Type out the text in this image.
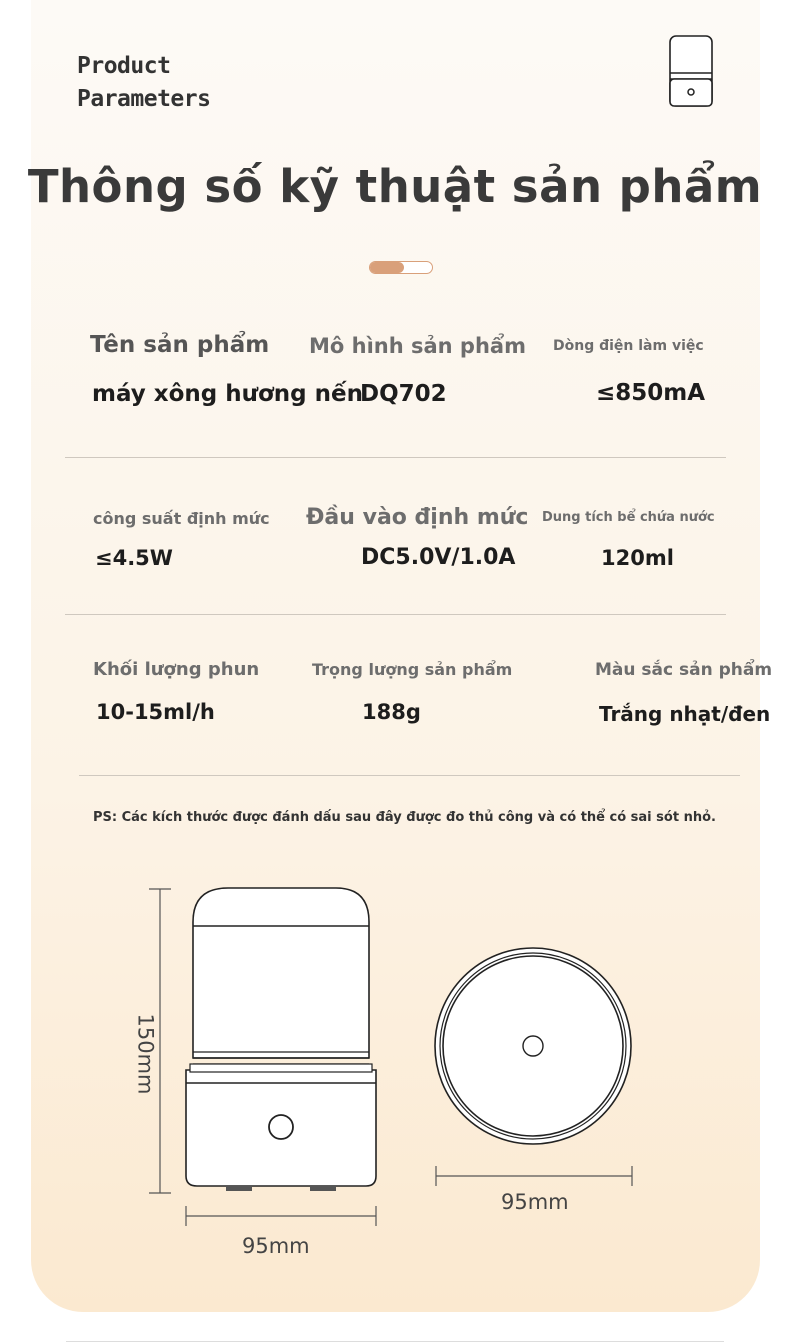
Product
Parameters
Thông số kỹ thuật sản phẩm
Tên sản phẩm
máy xông hương nến
Mô hình sản phẩm
DQ702
Dòng điện làm việc
≤850mA
công suất định mức
≤4.5W
Đầu vào định mức
DC5.0V/1.0A
Dung tích bể chứa nước
120ml
Khối lượng phun
10-15ml/h
Trọng lượng sản phẩm
188g
Màu sắc sản phẩm
Trắng nhạt/đen
PS: Các kích thước được đánh dấu sau đây được đo thủ công và có thể có sai sót nhỏ.
150mm
95mm
95mm
